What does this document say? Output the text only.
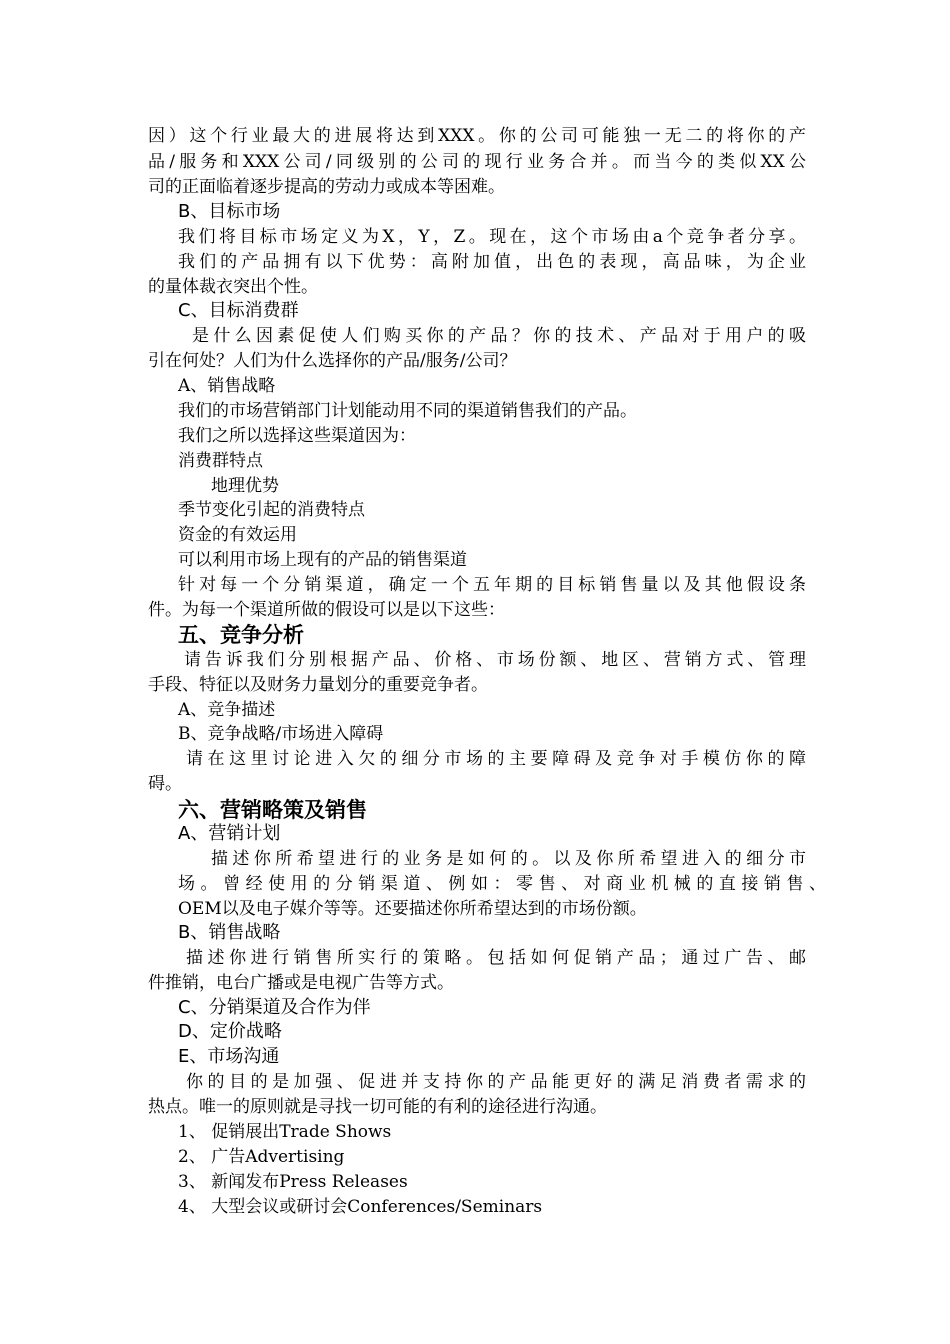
因）这个行业最大的进展将达到XXX。你的公司可能独一无二的将你的产
品/服务和XXX公司/同级别的公司的现行业务合并。而当今的类似XX公
司的正面临着逐步提高的劳动力或成本等困难。
B、目标市场
我们将目标市场定义为X，Y，Z。现在，这个市场由a个竞争者分享。
我们的产品拥有以下优势：高附加值，出色的表现，高品味，为企业
的量体裁衣突出个性。
C、目标消费群
是什么因素促使人们购买你的产品？你的技术、产品对于用户的吸
引在何处？人们为什么选择你的产品/服务/公司？
A、销售战略
我们的市场营销部门计划能动用不同的渠道销售我们的产品。
我们之所以选择这些渠道因为：
消费群特点
地理优势
季节变化引起的消费特点
资金的有效运用
可以利用市场上现有的产品的销售渠道
针对每一个分销渠道，确定一个五年期的目标销售量以及其他假设条
件。为每一个渠道所做的假设可以是以下这些：
五、竞争分析
请告诉我们分别根据产品、价格、市场份额、地区、营销方式、管理
手段、特征以及财务力量划分的重要竞争者。
A、竞争描述
B、竞争战略/市场进入障碍
请在这里讨论进入欠的细分市场的主要障碍及竞争对手模仿你的障
碍。
六、营销略策及销售
A、营销计划
描述你所希望进行的业务是如何的。以及你所希望进入的细分市
场。曾经使用的分销渠道、例如：零售、对商业机械的直接销售、
OEM以及电子媒介等等。还要描述你所希望达到的市场份额。
B、销售战略
描述你进行销售所实行的策略。包括如何促销产品；通过广告、邮
件推销，电台广播或是电视广告等方式。
C、分销渠道及合作为伴
D、定价战略
E、市场沟通
你的目的是加强、促进并支持你的产品能更好的满足消费者需求的
热点。唯一的原则就是寻找一切可能的有利的途径进行沟通。
1、 促销展出Trade Shows
2、 广告Advertising
3、 新闻发布Press Releases
4、 大型会议或研讨会Conferences/Seminars
